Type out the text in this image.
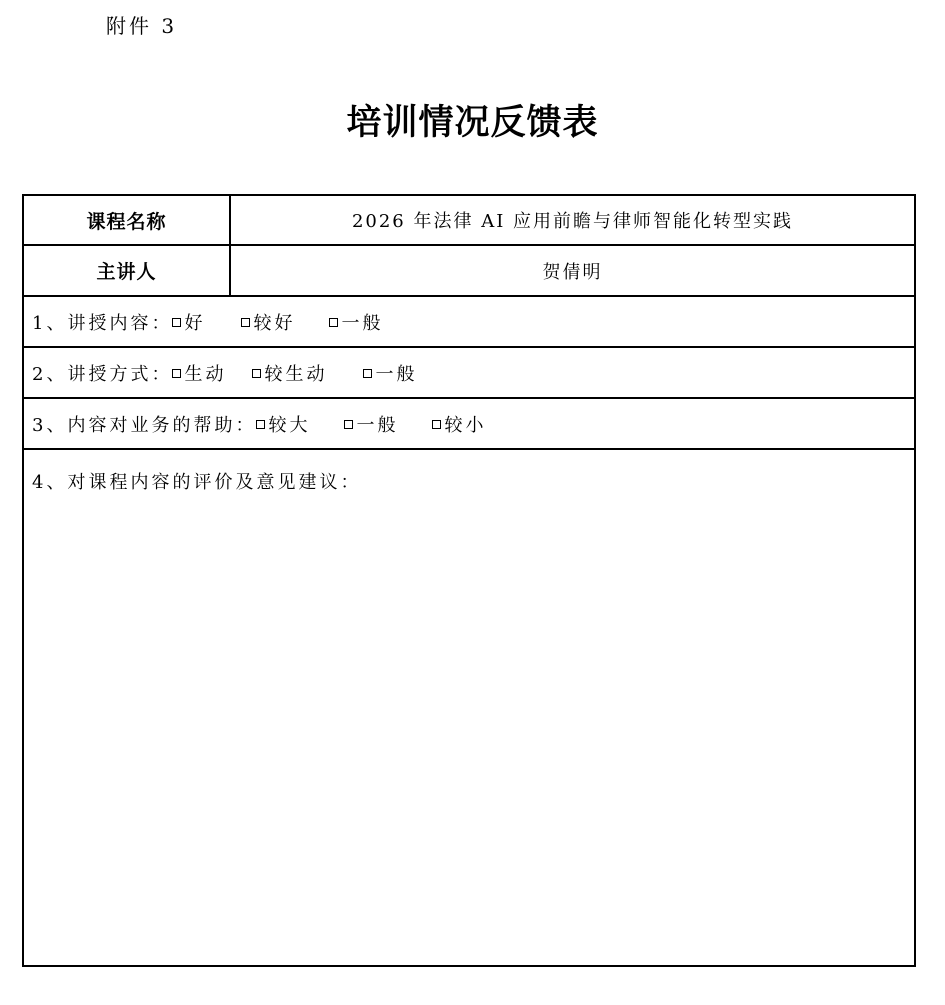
附件 3
培训情况反馈表
课程名称	2026 年法律 AI 应用前瞻与律师智能化转型实践
主讲人	贺倩明
1、讲授内容： 好	较好	一般
2、讲授方式： 生动 较生动	一般
3、内容对业务的帮助： 较大	一般	较小
4、对课程内容的评价及意见建议：
